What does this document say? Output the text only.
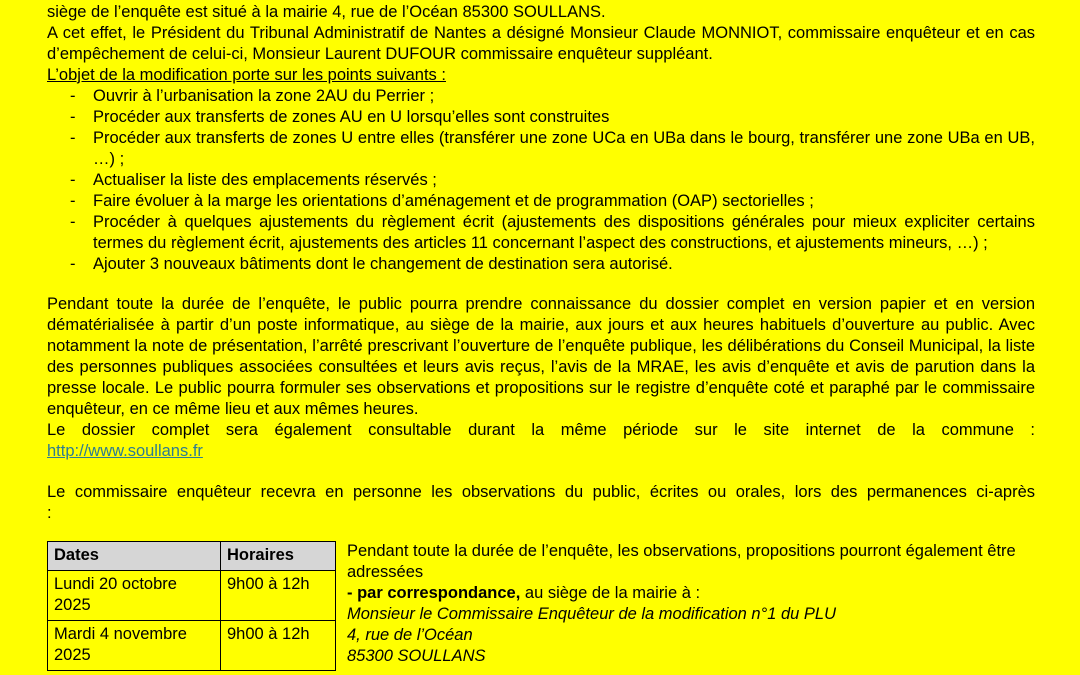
siège de l’enquête est situé à la mairie 4, rue de l’Océan 85300 SOULLANS.

A cet effet, le Président du Tribunal Administratif de Nantes a désigné Monsieur Claude MONNIOT, commissaire enquêteur et en cas d’empêchement de celui-ci, Monsieur Laurent DUFOUR commissaire enquêteur suppléant.

L’objet de la modification porte sur les points suivants :

-	Ouvrir à l’urbanisation la zone 2AU du Perrier ;
-	Procéder aux transferts de zones AU en U lorsqu’elles sont construites
-	Procéder aux transferts de zones U entre elles (transférer une zone UCa en UBa dans le bourg, transférer une zone UBa en UB, …) ;
-	Actualiser la liste des emplacements réservés ;
-	Faire évoluer à la marge les orientations d’aménagement et de programmation (OAP) sectorielles ;
-	Procéder à quelques ajustements du règlement écrit (ajustements des dispositions générales pour mieux expliciter certains termes du règlement écrit, ajustements des articles 11 concernant l’aspect des constructions, et ajustements mineurs, …) ;
-	Ajouter 3 nouveaux bâtiments dont le changement de destination sera autorisé.

Pendant toute la durée de l’enquête, le public pourra prendre connaissance du dossier complet en version papier et en version dématérialisée à partir d’un poste informatique, au siège de la mairie, aux jours et aux heures habituels d’ouverture au public. Avec notamment la note de présentation, l’arrêté prescrivant l’ouverture de l’enquête publique, les délibérations du Conseil Municipal, la liste des personnes publiques associées consultées et leurs avis reçus, l’avis de la MRAE, les avis d’enquête et avis de parution dans la presse locale. Le public pourra formuler ses observations et propositions sur le registre d’enquête coté et paraphé par le commissaire enquêteur, en ce même lieu et aux mêmes heures.

Le dossier complet sera également consultable durant la même période sur le site internet de la commune :
http://www.soullans.fr
Le commissaire enquêteur recevra en personne les observations du public, écrites ou orales, lors des permanences ci-après
:
Dates	Horaires
Lundi 20 octobre 2025	9h00 à 12h
Mardi 4 novembre 2025	9h00 à 12h
Pendant toute la durée de l’enquête, les observations, propositions pourront également être adressées
- par correspondance, au siège de la mairie à :
Monsieur le Commissaire Enquêteur de la modification n°1 du PLU
4, rue de l’Océan
85300 SOULLANS
